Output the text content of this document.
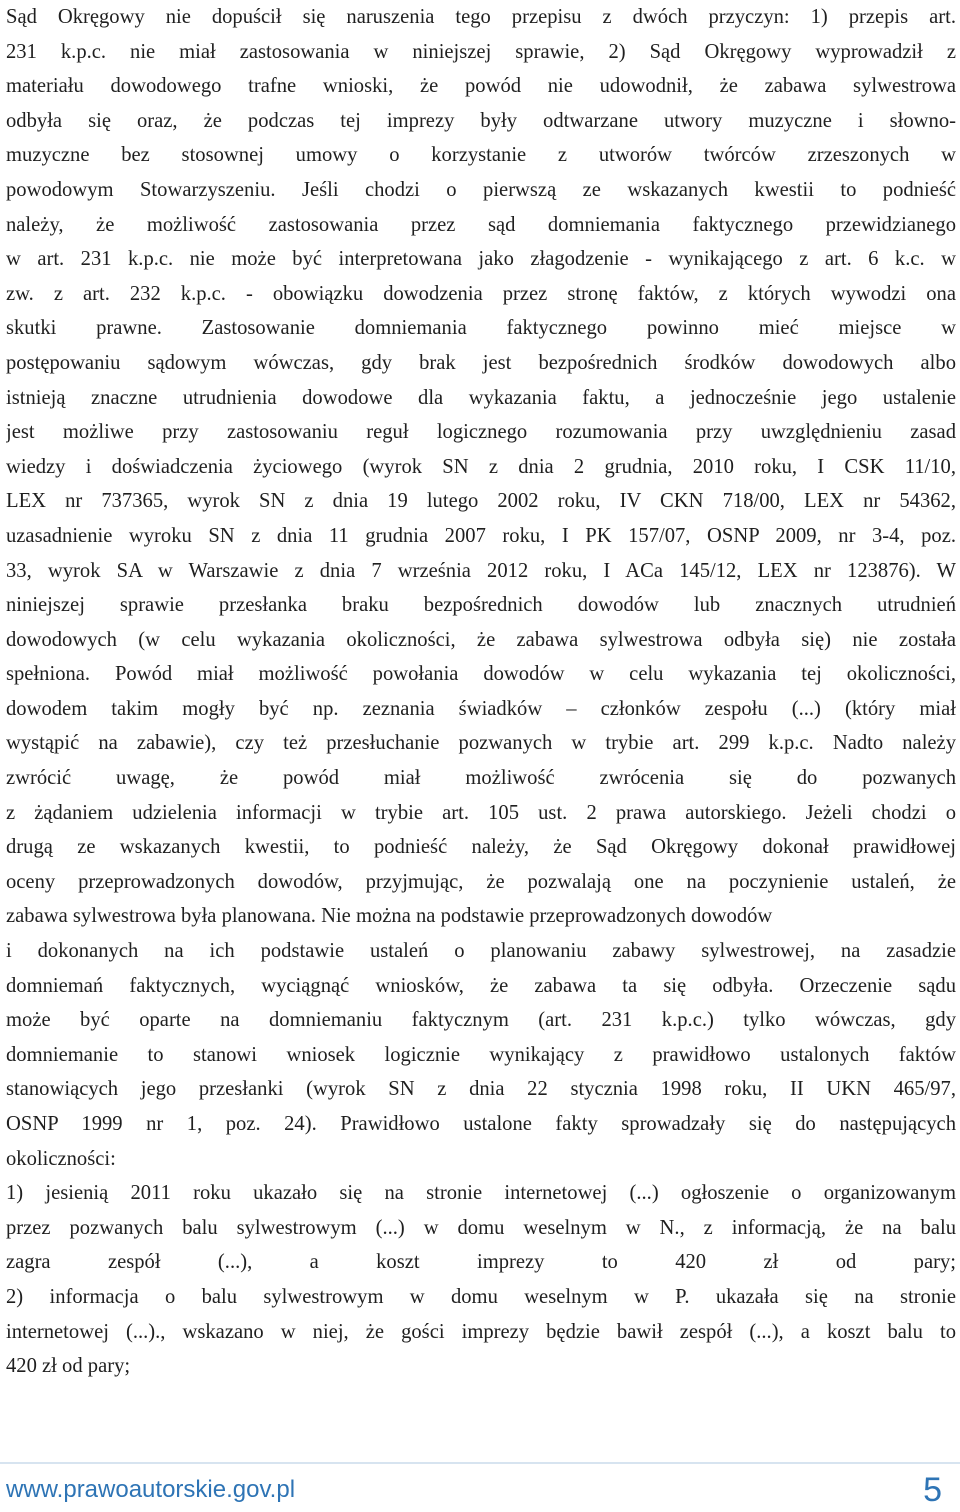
Sąd Okręgowy nie dopuścił się naruszenia tego przepisu z dwóch przyczyn: 1) przepis art.
231 k.p.c. nie miał zastosowania w niniejszej sprawie, 2) Sąd Okręgowy wyprowadził z
materiału dowodowego trafne wnioski, że powód nie udowodnił, że zabawa sylwestrowa
odbyła się oraz, że podczas tej imprezy były odtwarzane utwory muzyczne i słowno-
muzyczne bez stosownej umowy o korzystanie z utworów twórców zrzeszonych w
powodowym Stowarzyszeniu. Jeśli chodzi o pierwszą ze wskazanych kwestii to podnieść
należy, że możliwość zastosowania przez sąd domniemania faktycznego przewidzianego
w art. 231 k.p.c. nie może być interpretowana jako złagodzenie - wynikającego z art. 6 k.c. w
zw. z art. 232 k.p.c. - obowiązku dowodzenia przez stronę faktów, z których wywodzi ona
skutki prawne. Zastosowanie domniemania faktycznego powinno mieć miejsce w
postępowaniu sądowym wówczas, gdy brak jest bezpośrednich środków dowodowych albo
istnieją znaczne utrudnienia dowodowe dla wykazania faktu, a jednocześnie jego ustalenie
jest możliwe przy zastosowaniu reguł logicznego rozumowania przy uwzględnieniu zasad
wiedzy i doświadczenia życiowego (wyrok SN z dnia 2 grudnia, 2010 roku, I CSK 11/10,
LEX nr 737365, wyrok SN z dnia 19 lutego 2002 roku, IV CKN 718/00, LEX nr 54362,
uzasadnienie wyroku SN z dnia 11 grudnia 2007 roku, I PK 157/07, OSNP 2009, nr 3-4, poz.
33, wyrok SA w Warszawie z dnia 7 września 2012 roku, I ACa 145/12, LEX nr 123876). W
niniejszej sprawie przesłanka braku bezpośrednich dowodów lub znacznych utrudnień
dowodowych (w celu wykazania okoliczności, że zabawa sylwestrowa odbyła się) nie została
spełniona. Powód miał możliwość powołania dowodów w celu wykazania tej okoliczności,
dowodem takim mogły być np. zeznania świadków – członków zespołu (...) (który miał
wystąpić na zabawie), czy też przesłuchanie pozwanych w trybie art. 299 k.p.c. Nadto należy
zwrócić uwagę, że powód miał możliwość zwrócenia się do pozwanych
z żądaniem udzielenia informacji w trybie art. 105 ust. 2 prawa autorskiego. Jeżeli chodzi o
drugą ze wskazanych kwestii, to podnieść należy, że Sąd Okręgowy dokonał prawidłowej
oceny przeprowadzonych dowodów, przyjmując, że pozwalają one na poczynienie ustaleń, że
zabawa sylwestrowa była planowana. Nie można na podstawie przeprowadzonych dowodów
i dokonanych na ich podstawie ustaleń o planowaniu zabawy sylwestrowej, na zasadzie
domniemań faktycznych, wyciągnąć wniosków, że zabawa ta się odbyła. Orzeczenie sądu
może być oparte na domniemaniu faktycznym (art. 231 k.p.c.) tylko wówczas, gdy
domniemanie to stanowi wniosek logicznie wynikający z prawidłowo ustalonych faktów
stanowiących jego przesłanki (wyrok SN z dnia 22 stycznia 1998 roku, II UKN 465/97,
OSNP 1999 nr 1, poz. 24). Prawidłowo ustalone fakty sprowadzały się do następujących
okoliczności:
1) jesienią 2011 roku ukazało się na stronie internetowej (...) ogłoszenie o organizowanym
przez pozwanych balu sylwestrowym (...) w domu weselnym w N., z informacją, że na balu
zagra zespół (...), a koszt imprezy to 420 zł od pary;
2) informacja o balu sylwestrowym w domu weselnym w P. ukazała się na stronie
internetowej (...)., wskazano w niej, że gości imprezy będzie bawił zespół (...), a koszt balu to
420 zł od pary;
www.prawoautorskie.gov.pl	5
